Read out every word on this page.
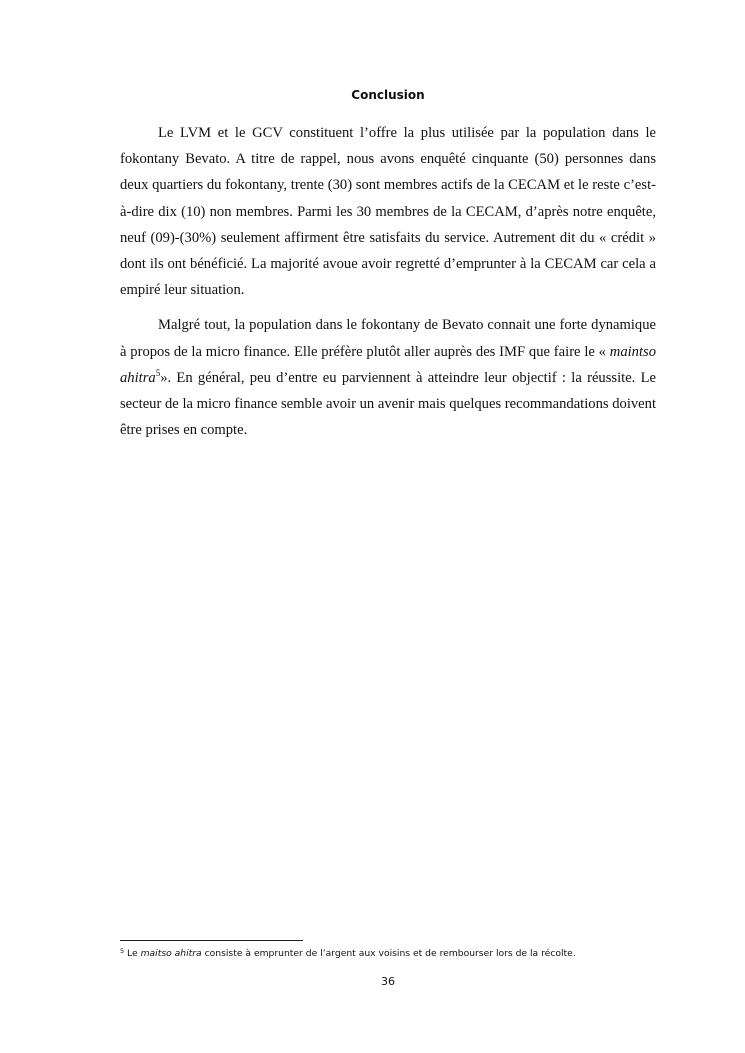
Conclusion

Le LVM et le GCV constituent l’offre la plus utilisée par la population dans le fokontany Bevato. A titre de rappel, nous avons enquêté cinquante (50) personnes dans deux quartiers du fokontany, trente (30) sont membres actifs de la CECAM et le reste c’est-à-dire dix (10) non membres. Parmi les 30 membres de la CECAM, d’après notre enquête, neuf (09)-(30%) seulement affirment être satisfaits du service. Autrement dit du « crédit » dont ils ont bénéficié. La majorité avoue avoir regretté d’emprunter à la CECAM car cela a empiré leur situation.

Malgré tout, la population dans le fokontany de Bevato connait une forte dynamique à propos de la micro finance. Elle préfère plutôt aller auprès des IMF que faire le « maintso ahitra$^5$». En général, peu d’entre eu parviennent à atteindre leur objectif : la réussite. Le secteur de la micro finance semble avoir un avenir mais quelques recommandations doivent être prises en compte.

$^5$ Le maitso ahitra consiste à emprunter de l’argent aux voisins et de rembourser lors de la récolte.
36
